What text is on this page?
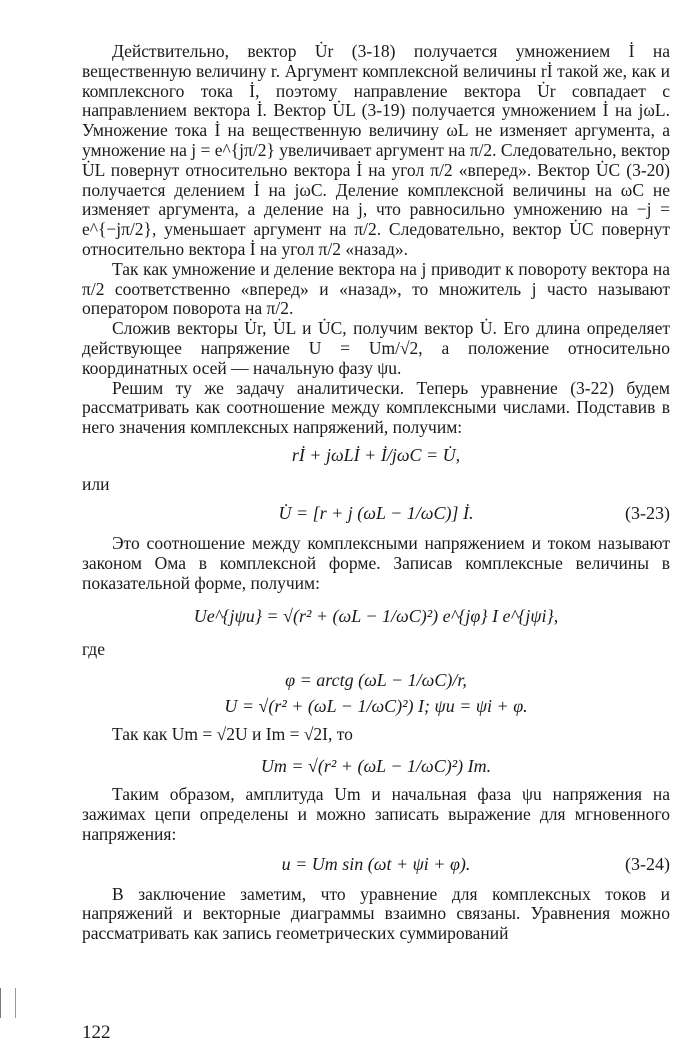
Действительно, вектор U̇r (3-18) получается умножением İ на вещественную величину r. Аргумент комплексной величины rİ такой же, как и комплексного тока İ, поэтому направление вектора U̇r совпадает с направлением вектора İ. Вектор U̇L (3-19) получается умножением İ на jωL. Умножение тока İ на вещественную величину ωL не изменяет аргумента, а умножение на j = e^{jπ/2} увеличивает аргумент на π/2. Следовательно, вектор U̇L повернут относительно вектора İ на угол π/2 «вперед». Вектор U̇C (3-20) получается делением İ на jωC. Деление комплексной величины на ωC не изменяет аргумента, а деление на j, что равносильно умножению на −j = e^{−jπ/2}, уменьшает аргумент на π/2. Следовательно, вектор U̇C повернут относительно вектора İ на угол π/2 «назад».

Так как умножение и деление вектора на j приводит к повороту вектора на π/2 соответственно «вперед» и «назад», то множитель j часто называют оператором поворота на π/2.

Сложив векторы U̇r, U̇L и U̇C, получим вектор U̇. Его длина определяет действующее напряжение U = Um/√2, а положение относительно координатных осей — начальную фазу ψu.

Решим ту же задачу аналитически. Теперь уравнение (3-22) будем рассматривать как соотношение между комплексными числами. Подставив в него значения комплексных напряжений, получим:

rİ + jωLİ + İ/jωC = U̇,
или
U̇ = [r + j (ωL − 1/ωC)] İ.	(3-23)

Это соотношение между комплексными напряжением и током называют законом Ома в комплексной форме. Записав комплексные величины в показательной форме, получим:

Ue^{jψu} = √(r² + (ωL − 1/ωC)²) e^{jφ} I e^{jψi},
где
φ = arctg (ωL − 1/ωC)/r,
U = √(r² + (ωL − 1/ωC)²) I; ψu = ψi + φ.

Так как Um = √2U и Im = √2I, то

Um = √(r² + (ωL − 1/ωC)²) Im.

Таким образом, амплитуда Um и начальная фаза ψu напряжения на зажимах цепи определены и можно записать выражение для мгновенного напряжения:

u = Um sin (ωt + ψi + φ).	(3-24)

В заключение заметим, что уравнение для комплексных токов и напряжений и векторные диаграммы взаимно связаны. Уравнения можно рассматривать как запись геометрических суммирований

122
